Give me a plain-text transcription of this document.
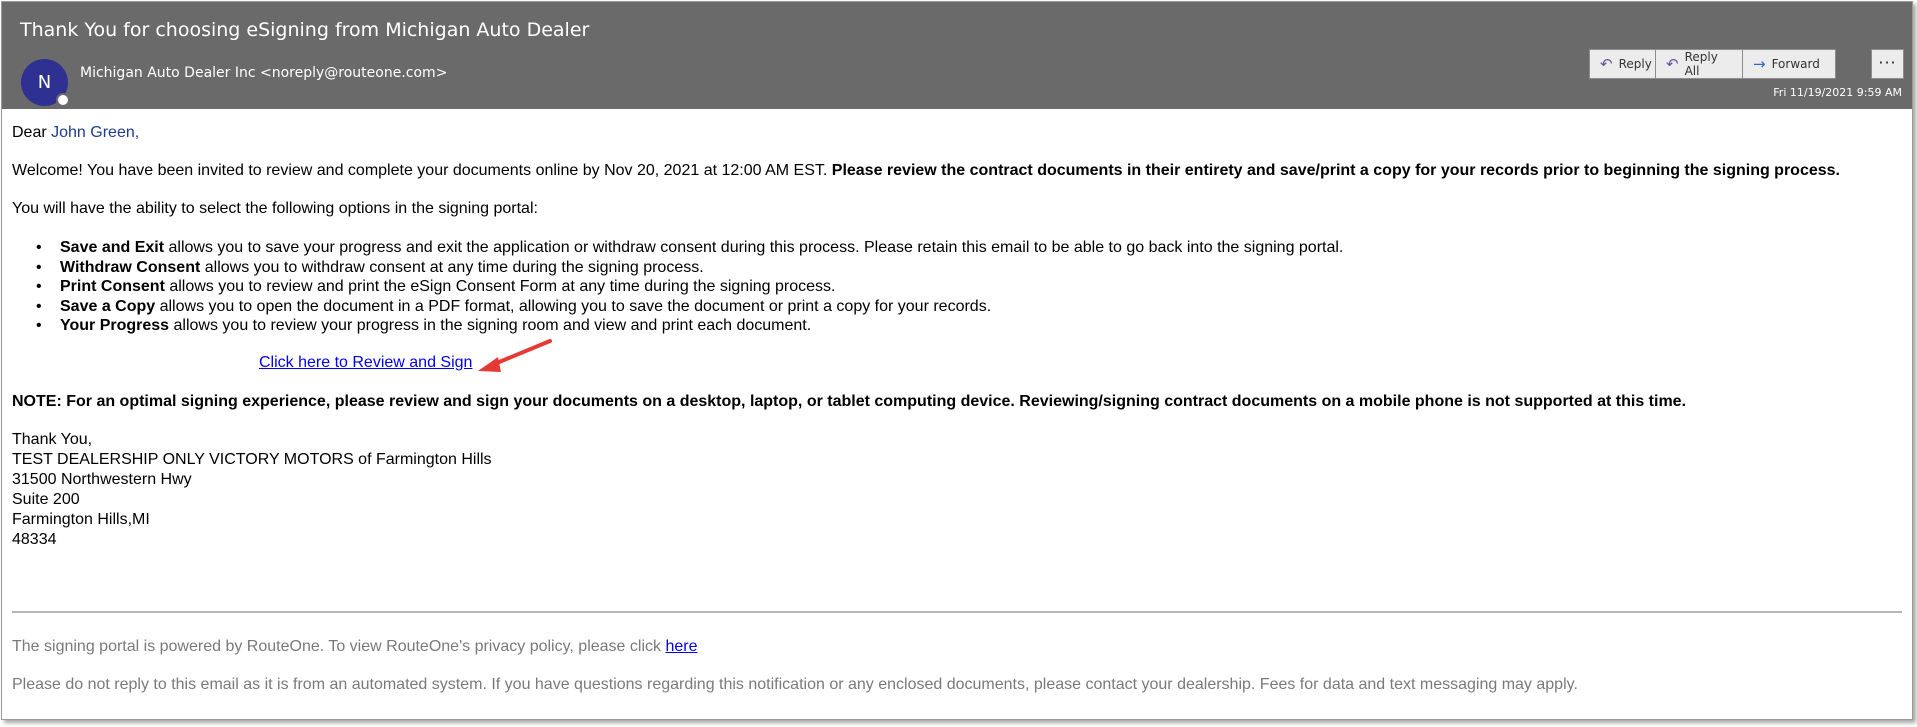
Thank You for choosing eSigning from Michigan Auto Dealer
N	Michigan Auto Dealer Inc <noreply@routeone.com>
↶ Reply ↶ Reply All	→ Forward	···
Fri 11/19/2021 9:59 AM
Dear John Green,
Welcome! You have been invited to review and complete your documents online by Nov 20, 2021 at 12:00 AM EST. Please review the contract documents in their entirety and save/print a copy for your records prior to beginning the signing process.
You will have the ability to select the following options in the signing portal:
• Save and Exit allows you to save your progress and exit the application or withdraw consent during this process. Please retain this email to be able to go back into the signing portal.
• Withdraw Consent allows you to withdraw consent at any time during the signing process.
• Print Consent allows you to review and print the eSign Consent Form at any time during the signing process.
• Save a Copy allows you to open the document in a PDF format, allowing you to save the document or print a copy for your records.
• Your Progress allows you to review your progress in the signing room and view and print each document.
Click here to Review and Sign
NOTE: For an optimal signing experience, please review and sign your documents on a desktop, laptop, or tablet computing device. Reviewing/signing contract documents on a mobile phone is not supported at this time.
Thank You,
TEST DEALERSHIP ONLY VICTORY MOTORS of Farmington Hills
31500 Northwestern Hwy
Suite 200
Farmington Hills,MI
48334
The signing portal is powered by RouteOne. To view RouteOne's privacy policy, please click here
Please do not reply to this email as it is from an automated system. If you have questions regarding this notification or any enclosed documents, please contact your dealership. Fees for data and text messaging may apply.
